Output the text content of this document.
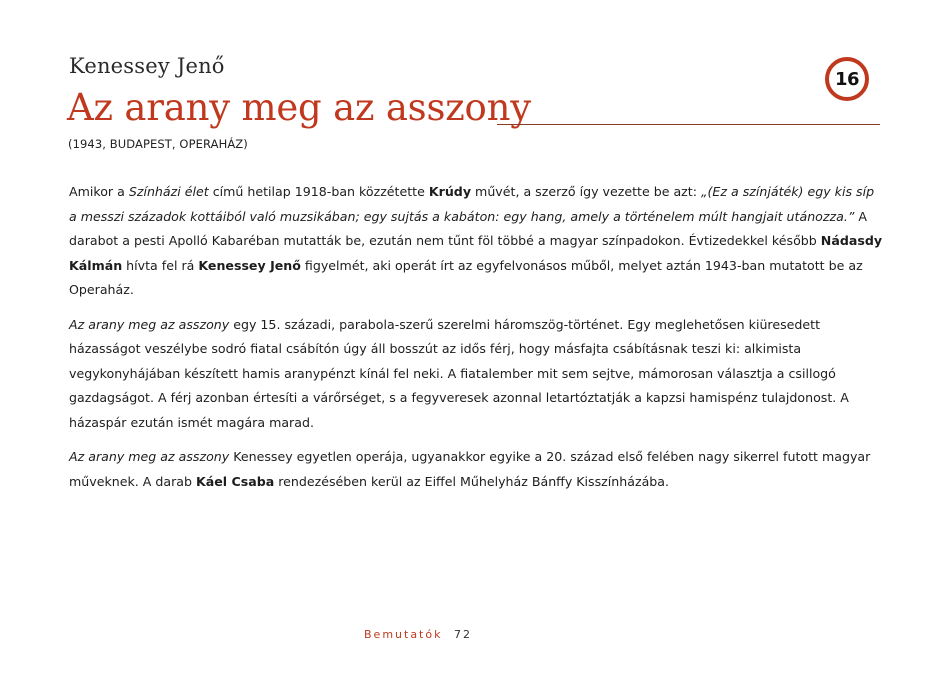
Kenessey Jenő
Az arany meg az asszony
(1943, BUDAPEST, OPERAHÁZ)
16

Amikor a Színházi élet című hetilap 1918-ban közzétette Krúdy művét, a szerző így vezette be azt: „(Ez a színjáték) egy kis síp a messzi századok kottáiból való muzsikában; egy sujtás a kabáton: egy hang, amely a történelem múlt hangjait utánozza.” A darabot a pesti Apolló Kabaréban mutatták be, ezután nem tűnt föl többé a magyar színpadokon. Évtizedekkel később Nádasdy Kálmán hívta fel rá Kenessey Jenő figyelmét, aki operát írt az egyfelvonásos műből, melyet aztán 1943-ban mutatott be az Operaház.

Az arany meg az asszony egy 15. századi, parabola-szerű szerelmi háromszög-történet. Egy meglehetősen kiüresedett házasságot veszélybe sodró fiatal csábítón úgy áll bosszút az idős férj, hogy másfajta csábításnak teszi ki: alkimista vegykonyhájában készített hamis aranypénzt kínál fel neki. A fiatalember mit sem sejtve, mámorosan választja a csillogó gazdagságot. A férj azonban értesíti a várőrséget, s a fegyveresek azonnal letartóztatják a kapzsi hamispénz tulajdonost. A házaspár ezután ismét magára marad.

Az arany meg az asszony Kenessey egyetlen operája, ugyanakkor egyike a 20. század első felében nagy sikerrel futott magyar műveknek. A darab Káel Csaba rendezésében kerül az Eiffel Műhelyház Bánffy Kisszínházába.

Bemutatók 72
